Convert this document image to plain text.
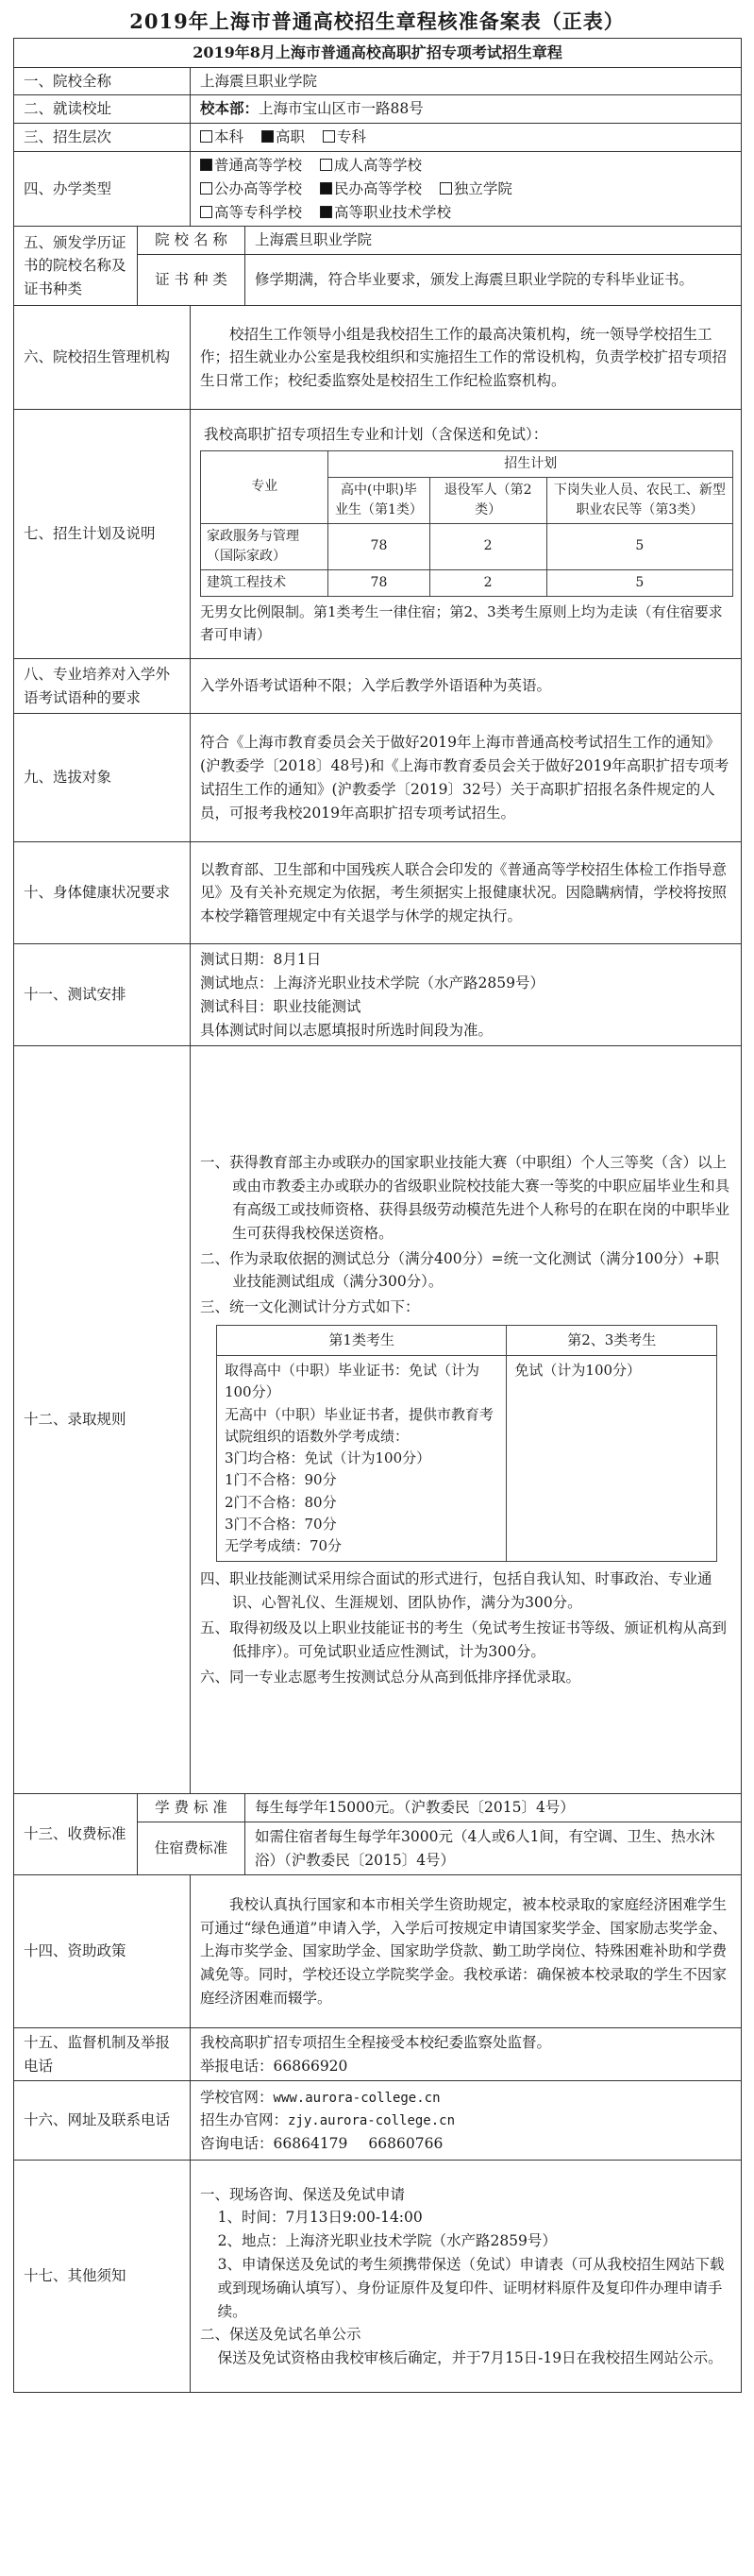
2019年上海市普通高校招生章程核准备案表（正表）
2019年8月上海市普通高校高职扩招专项考试招生章程
一、院校全称	上海震旦职业学院
二、就读校址	校本部：上海市宝山区市一路88号
三、招生层次	本科 高职 专科
四、办学类型	
普通高等学校 成人高等学校
公办高等学校 民办高等学校 独立学院
高等专科学校 高等职业技术学校

五、颁发学历证书的院校名称及证书种类	院 校 名 称	上海震旦职业学院
证 书 种 类	修学期满，符合毕业要求，颁发上海震旦职业学院的专科毕业证书。
六、院校招生管理机构	

校招生工作领导小组是我校招生工作的最高决策机构，统一领导学校招生工作；招生就业办公室是我校组织和实施招生工作的常设机构，负责学校扩招专项招生日常工作；校纪委监察处是校招生工作纪检监察机构。

七、招生计划及说明	
我校高职扩招专项招生专业和计划（含保送和免试）：
专业	招生计划
高中(中职)毕业生（第1类）	退役军人（第2类）	下岗失业人员、农民工、新型职业农民等（第3类）
家政服务与管理（国际家政）	78	2	5
建筑工程技术	78	2	5
无男女比例限制。第1类考生一律住宿；第2、3类考生原则上均为走读（有住宿要求者可申请）

八、专业培养对入学外语考试语种的要求	入学外语考试语种不限；入学后教学外语语种为英语。
九、选拔对象	

符合《上海市教育委员会关于做好2019年上海市普通高校考试招生工作的通知》(沪教委学〔2018〕48号)和《上海市教育委员会关于做好2019年高职扩招专项考试招生工作的通知》(沪教委学〔2019〕32号）关于高职扩招报名条件规定的人员，可报考我校2019年高职扩招专项考试招生。

十、身体健康状况要求	

以教育部、卫生部和中国残疾人联合会印发的《普通高等学校招生体检工作指导意见》及有关补充规定为依据，考生须据实上报健康状况。因隐瞒病情，学校将按照本校学籍管理规定中有关退学与休学的规定执行。

十一、测试安排	
测试日期：8月1日
测试地点：上海济光职业技术学院（水产路2859号）
测试科目：职业技能测试
具体测试时间以志愿填报时所选时间段为准。

十二、录取规则	
一、获得教育部主办或联办的国家职业技能大赛（中职组）个人三等奖（含）以上或由市教委主办或联办的省级职业院校技能大赛一等奖的中职应届毕业生和具有高级工或技师资格、获得县级劳动模范先进个人称号的在职在岗的中职毕业生可获得我校保送资格。
二、作为录取依据的测试总分（满分400分）=统一文化测试（满分100分）+职业技能测试组成（满分300分）。
三、统一文化测试计分方式如下：
第1类考生	第2、3类考生

取得高中（中职）毕业证书：免试（计为100分）
无高中（中职）毕业证书者，提供市教育考试院组织的语数外学考成绩：
3门均合格：免试（计为100分）
1门不合格：90分
2门不合格：80分
3门不合格：70分
无学考成绩：70分
	免试（计为100分）
四、职业技能测试采用综合面试的形式进行，包括自我认知、时事政治、专业通识、心智礼仪、生涯规划、团队协作，满分为300分。
五、取得初级及以上职业技能证书的考生（免试考生按证书等级、颁证机构从高到低排序）。可免试职业适应性测试，计为300分。
六、同一专业志愿考生按测试总分从高到低排序择优录取。

十三、收费标准	学 费 标 准	每生每学年15000元。（沪教委民〔2015〕4号）
住宿费标准	如需住宿者每生每学年3000元（4人或6人1间，有空调、卫生、热水沐浴）（沪教委民〔2015〕4号）
十四、资助政策	

我校认真执行国家和本市相关学生资助规定，被本校录取的家庭经济困难学生可通过“绿色通道”申请入学，入学后可按规定申请国家奖学金、国家励志奖学金、上海市奖学金、国家助学金、国家助学贷款、勤工助学岗位、特殊困难补助和学费减免等。同时，学校还设立学院奖学金。我校承诺：确保被本校录取的学生不因家庭经济困难而辍学。

十五、监督机制及举报电话	
我校高职扩招专项招生全程接受本校纪委监察处监督。
举报电话：66866920

十六、网址及联系电话	
学校官网：www.aurora-college.cn
招生办官网：zjy.aurora-college.cn
咨询电话：66864179 66860766

十七、其他须知	
一、现场咨询、保送及免试申请
1、时间：7月13日9:00-14:00
2、地点：上海济光职业技术学院（水产路2859号）
3、申请保送及免试的考生须携带保送（免试）申请表（可从我校招生网站下载或到现场确认填写）、身份证原件及复印件、证明材料原件及复印件办理申请手续。
二、保送及免试名单公示
保送及免试资格由我校审核后确定，并于7月15日-19日在我校招生网站公示。
